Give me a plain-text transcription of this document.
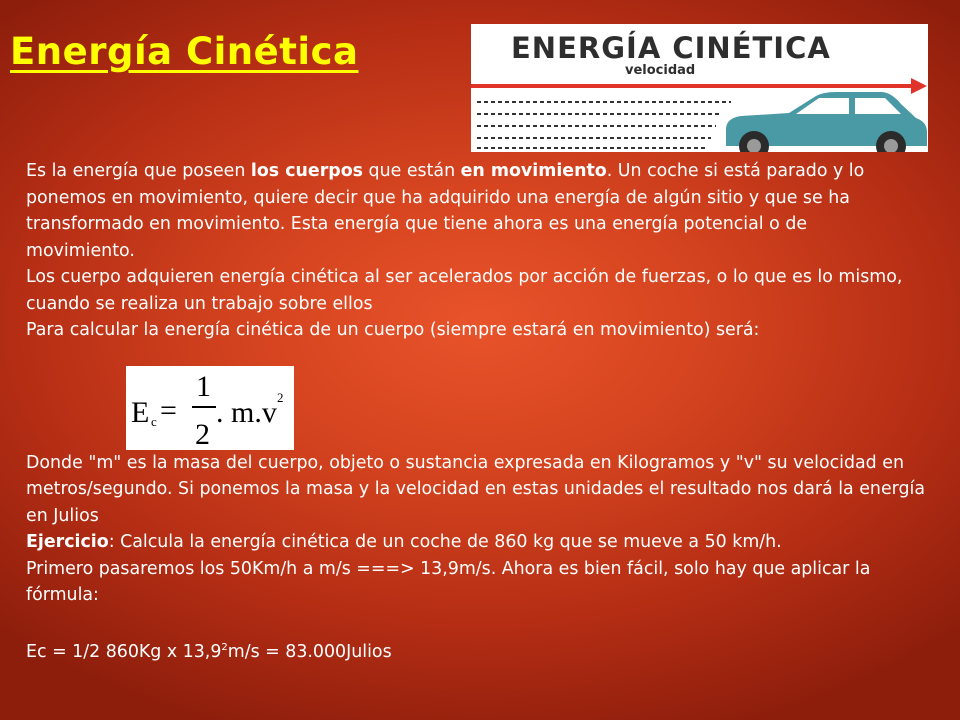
Energía Cinética	ENERGÍA CINÉTICA
velocidad

Es la energía que poseen los cuerpos que están en movimiento. Un coche si está parado y lo ponemos en movimiento, quiere decir que ha adquirido una energía de algún sitio y que se ha transformado en movimiento. Esta energía que tiene ahora es una energía potencial o de

movimiento.

Los cuerpo adquieren energía cinética al ser acelerados por acción de fuerzas, o lo que es lo mismo, cuando se realiza un trabajo sobre ellos

Para calcular la energía cinética de un cuerpo (siempre estará en movimiento) será:

Donde "m" es la masa del cuerpo, objeto o sustancia expresada en Kilogramos y "v" su velocidad en metros/segundo. Si ponemos la masa y la velocidad en estas unidades el resultado nos dará la energía en Julios

Ejercicio: Calcula la energía cinética de un coche de 860 kg que se mueve a 50 km/h.

Primero pasaremos los 50Km/h a m/s ===> 13,9m/s. Ahora es bien fácil, solo hay que aplicar la fórmula:

Ec = 1/2 860Kg x $13,9^2m/s$ = 83.000Julios

E c =
1
2
. m.v 2
